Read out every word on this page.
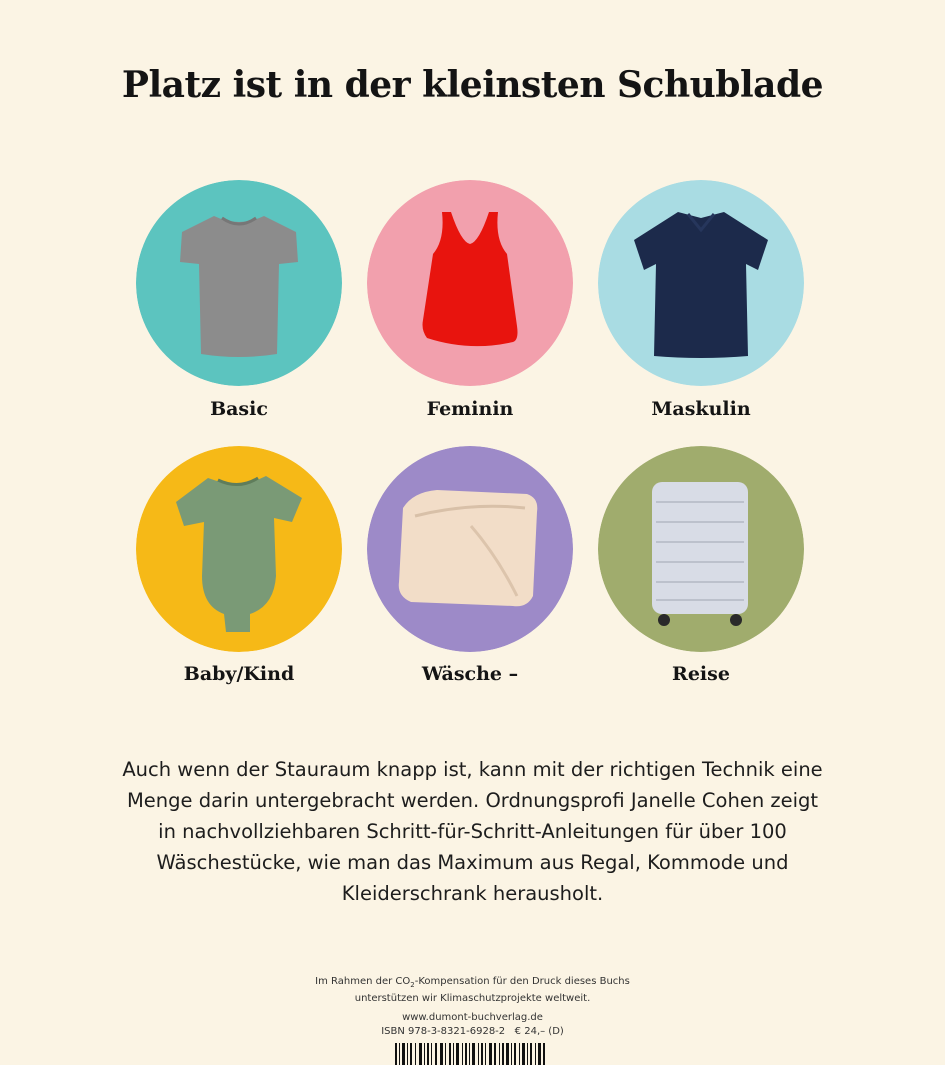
Platz ist in der kleinsten Schublade
Basic	Feminin	Maskulin
Baby/Kind	Wäsche –	Reise
Auch wenn der Stauraum knapp ist, kann mit der richtigen Technik eine Menge darin untergebracht werden. Ordnungsprofi Janelle Cohen zeigt in nachvollziehbaren Schritt-für-Schritt-Anleitungen für über 100 Wäschestücke, wie man das Maximum aus Regal, Kommode und Kleiderschrank herausholt.
Im Rahmen der $CO_2$-Kompensation für den Druck dieses Buchs
unterstützen wir Klimaschutzprojekte weltweit.
www.dumont-buchverlag.de
ISBN 978-3-8321-6928-2   € 24,– (D)
